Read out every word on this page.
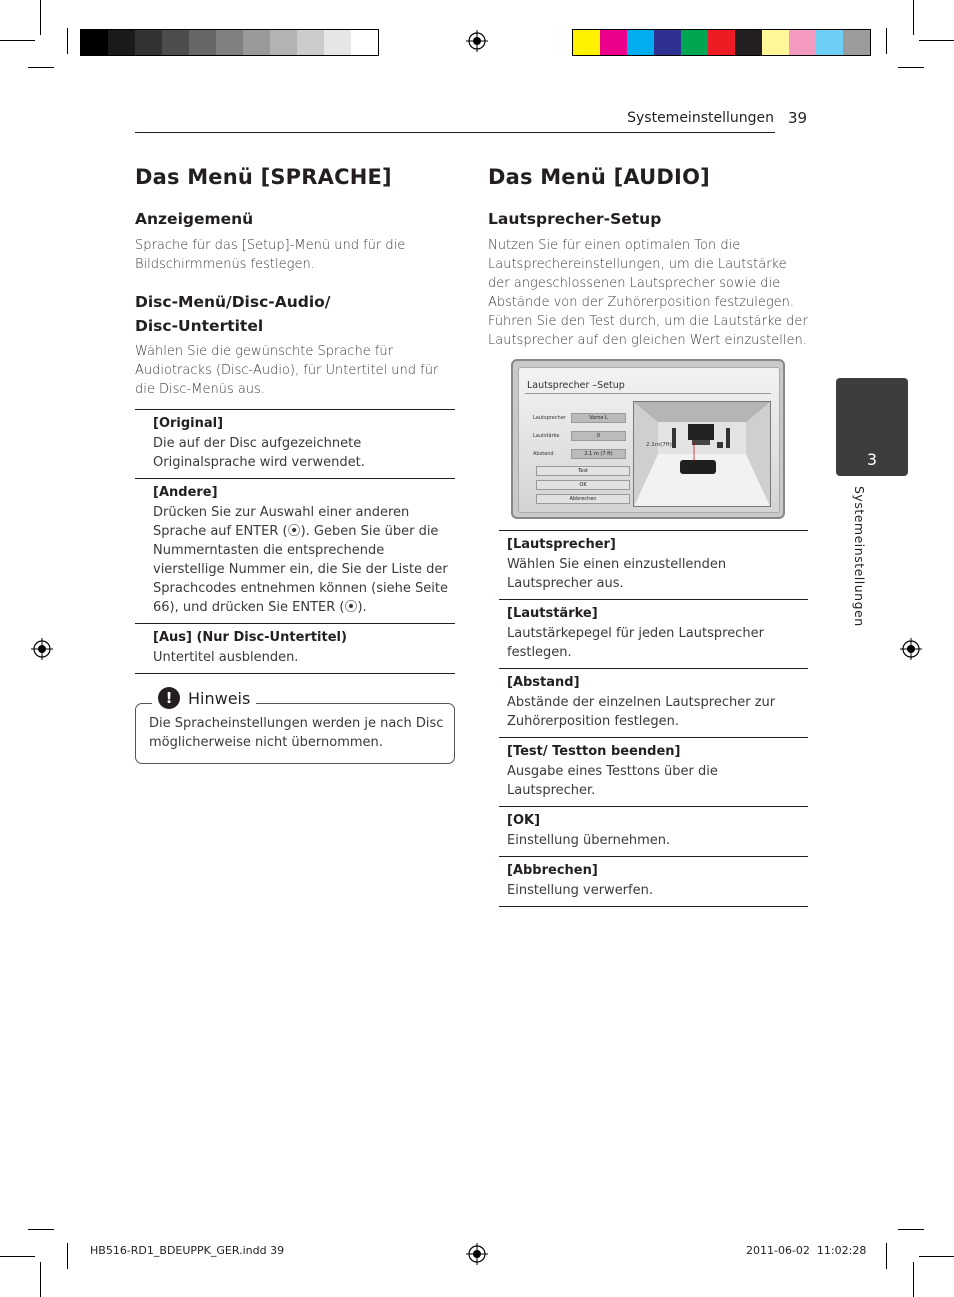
Systemeinstellungen 39
Das Menü [SPRACHE]
Anzeigemenü

Sprache für das [Setup]-Menü und für die Bildschirmmenüs festlegen.

Disc-Menü/Disc-Audio/
Disc-Untertitel

Wählen Sie die gewünschte Sprache für Audiotracks (Disc-Audio), für Untertitel und für die Disc-Menüs aus.

[Original]
Die auf der Disc aufgezeichnete Originalsprache wird verwendet.
[Andere]
Drücken Sie zur Auswahl einer anderen Sprache auf ENTER (⦿). Geben Sie über die Nummerntasten die entsprechende vierstellige Nummer ein, die Sie der Liste der Sprachcodes entnehmen können (siehe Seite 66), und drücken Sie ENTER (⦿).
[Aus] (Nur Disc-Untertitel)
Untertitel ausblenden.
! Hinweis

Die Spracheinstellungen werden je nach Disc möglicherweise nicht übernommen.

Das Menü [AUDIO]
Lautsprecher-Setup

Nutzen Sie für einen optimalen Ton die Lautsprechereinstellungen, um die Lautstärke der angeschlossenen Lautsprecher sowie die Abstände von der Zuhörerposition festzulegen. Führen Sie den Test durch, um die Lautstärke der Lautsprecher auf den gleichen Wert einzustellen.

Lautsprecher –Setup
Lautsprecher	Vorne L
Lautstärke	0
Abstand	2.1 m (7 ft)
Test
OK
Abbrechen
2.1m(7ft)
[Lautsprecher]
Wählen Sie einen einzustellenden Lautsprecher aus.
[Lautstärke]
Lautstärkepegel für jeden Lautsprecher festlegen.
[Abstand]
Abstände der einzelnen Lautsprecher zur Zuhörerposition festlegen.
[Test/ Testton beenden]
Ausgabe eines Testtons über die Lautsprecher.
[OK]
Einstellung übernehmen.
[Abbrechen]
Einstellung verwerfen.
3
Systemeinstellungen
HB516-RD1_BDEUPPK_GER.indd 39	2011-06-02 ￼￼ 11:02:28
